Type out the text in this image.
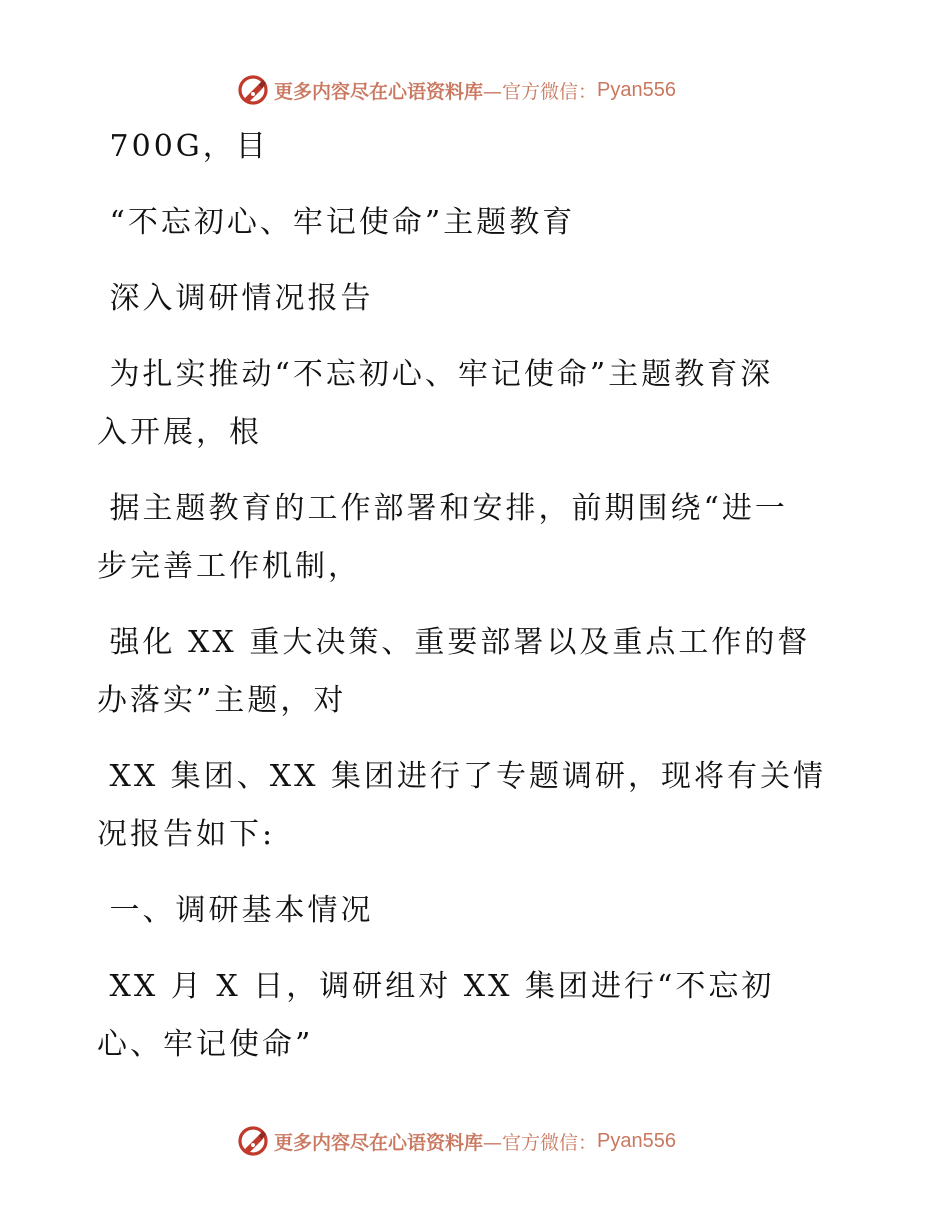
更多内容尽在心语资料库 —官方微信： Pyan556

700G，目

“不忘初心、牢记使命”主题教育

深入调研情况报告

为扎实推动“不忘初心、牢记使命”主题教育深

入开展，根

据主题教育的工作部署和安排，前期围绕“进一

步完善工作机制，

强化 XX 重大决策、重要部署以及重点工作的督

办落实”主题，对

XX 集团、XX 集团进行了专题调研，现将有关情

况报告如下:

一、调研基本情况

XX 月 X 日，调研组对 XX 集团进行“不忘初

心、牢记使命”

更多内容尽在心语资料库 —官方微信： Pyan556
